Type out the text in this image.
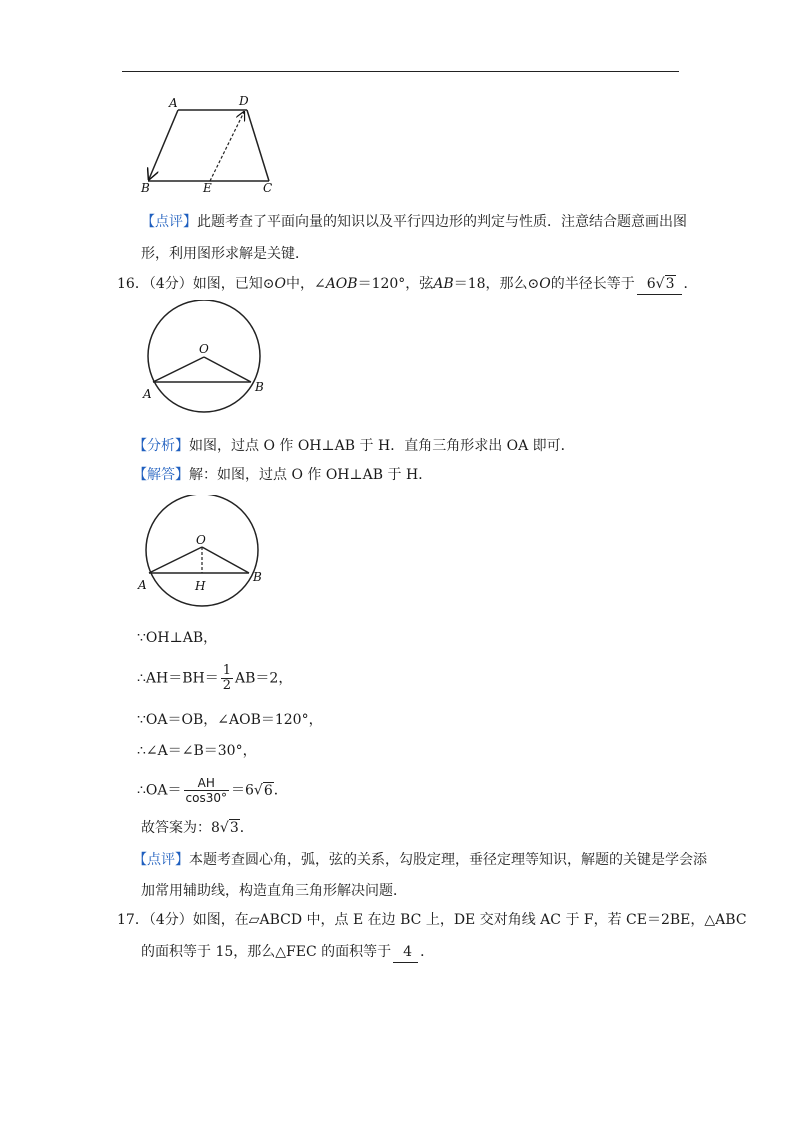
A	D
B	E	C
【点评】此题考查了平面向量的知识以及平行四边形的判定与性质．注意结合题意画出图
形，利用图形求解是关键．
16．（4分）如图，已知⊙O中，∠AOB＝120°，弦AB＝18，那么⊙O的半径长等于 6√3 ．
O
A	B
【分析】如图，过点 O 作 OH⊥AB 于 H．直角三角形求出 OA 即可．
【解答】解：如图，过点 O 作 OH⊥AB 于 H．
O
A
B
H
∵OH⊥AB，
∴AH＝BH＝ $\frac{1}{2} AB=2$，
∵OA＝OB，∠AOB＝120°，
∴∠A＝∠B＝30°，
∴OA＝ $\frac{AH}{\cos 30^\circ} =6√6$．
故答案为：8√3．
【点评】本题考查圆心角，弧，弦的关系，勾股定理，垂径定理等知识，解题的关键是学会添
加常用辅助线，构造直角三角形解决问题．
17．（4分）如图，在▱ABCD 中，点 E 在边 BC 上，DE 交对角线 AC 于 F，若 CE＝2BE，△ABC
的面积等于 15，那么△FEC 的面积等于 4 ．
